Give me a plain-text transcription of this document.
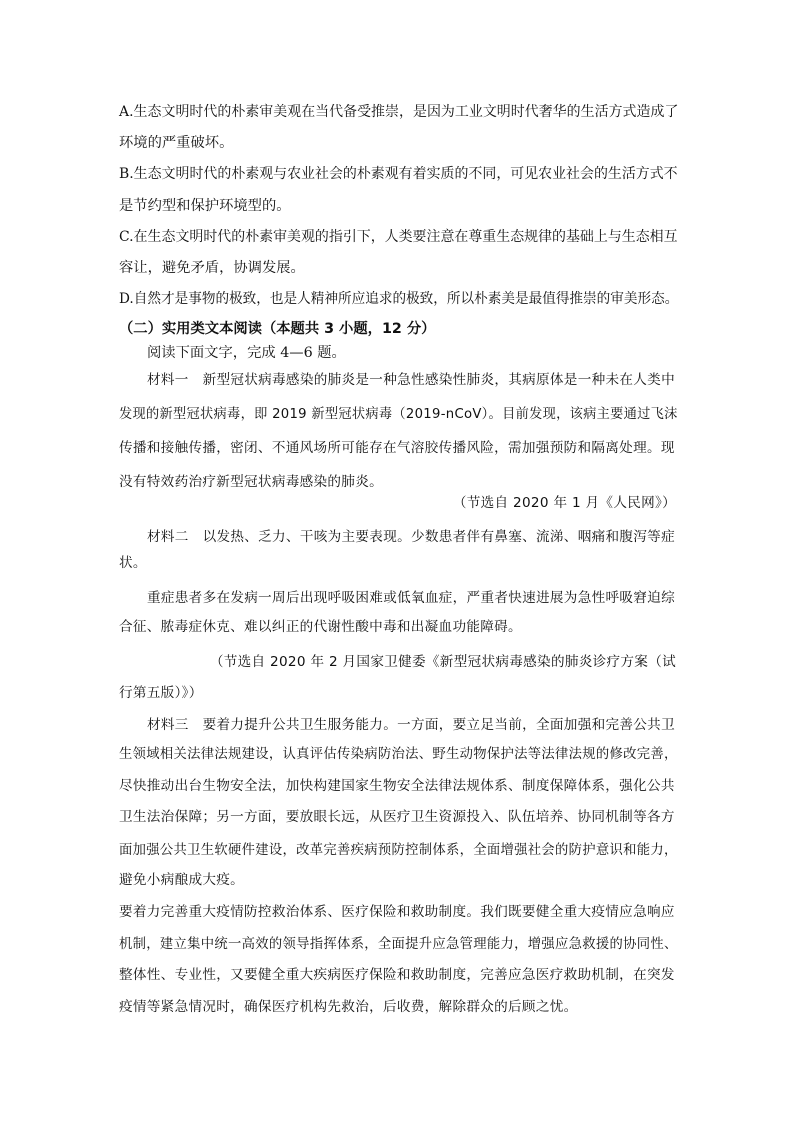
A.生态文明时代的朴素审美观在当代备受推崇，是因为工业文明时代奢华的生活方式造成了
环境的严重破坏。
B.生态文明时代的朴素观与农业社会的朴素观有着实质的不同，可见农业社会的生活方式不
是节约型和保护环境型的。
C.在生态文明时代的朴素审美观的指引下，人类要注意在尊重生态规律的基础上与生态相互
容让，避免矛盾，协调发展。
D.自然才是事物的极致，也是人精神所应追求的极致，所以朴素美是最值得推崇的审美形态。
（二）实用类文本阅读（本题共 3 小题，12 分）
阅读下面文字，完成 4—6 题。
材料一　新型冠状病毒感染的肺炎是一种急性感染性肺炎，其病原体是一种未在人类中
发现的新型冠状病毒，即 2019 新型冠状病毒（2019-nCoV）。目前发现，该病主要通过飞沫
传播和接触传播，密闭、不通风场所可能存在气溶胶传播风险，需加强预防和隔离处理。现
没有特效药治疗新型冠状病毒感染的肺炎。
（节选自 2020 年 1 月《人民网》）
材料二　以发热、乏力、干咳为主要表现。少数患者伴有鼻塞、流涕、咽痛和腹泻等症
状。
重症患者多在发病一周后出现呼吸困难或低氧血症，严重者快速进展为急性呼吸窘迫综
合征、脓毒症休克、难以纠正的代谢性酸中毒和出凝血功能障碍。
（节选自 2020 年 2 月国家卫健委《新型冠状病毒感染的肺炎诊疗方案（试
行第五版）》）
材料三　要着力提升公共卫生服务能力。一方面，要立足当前，全面加强和完善公共卫
生领域相关法律法规建设，认真评估传染病防治法、野生动物保护法等法律法规的修改完善，
尽快推动出台生物安全法，加快构建国家生物安全法律法规体系、制度保障体系，强化公共
卫生法治保障；另一方面，要放眼长远，从医疗卫生资源投入、队伍培养、协同机制等各方
面加强公共卫生软硬件建设，改革完善疾病预防控制体系，全面增强社会的防护意识和能力，
避免小病酿成大疫。
要着力完善重大疫情防控救治体系、医疗保险和救助制度。我们既要健全重大疫情应急响应
机制，建立集中统一高效的领导指挥体系，全面提升应急管理能力，增强应急救援的协同性、
整体性、专业性，又要健全重大疾病医疗保险和救助制度，完善应急医疗救助机制，在突发
疫情等紧急情况时，确保医疗机构先救治，后收费，解除群众的后顾之忧。
